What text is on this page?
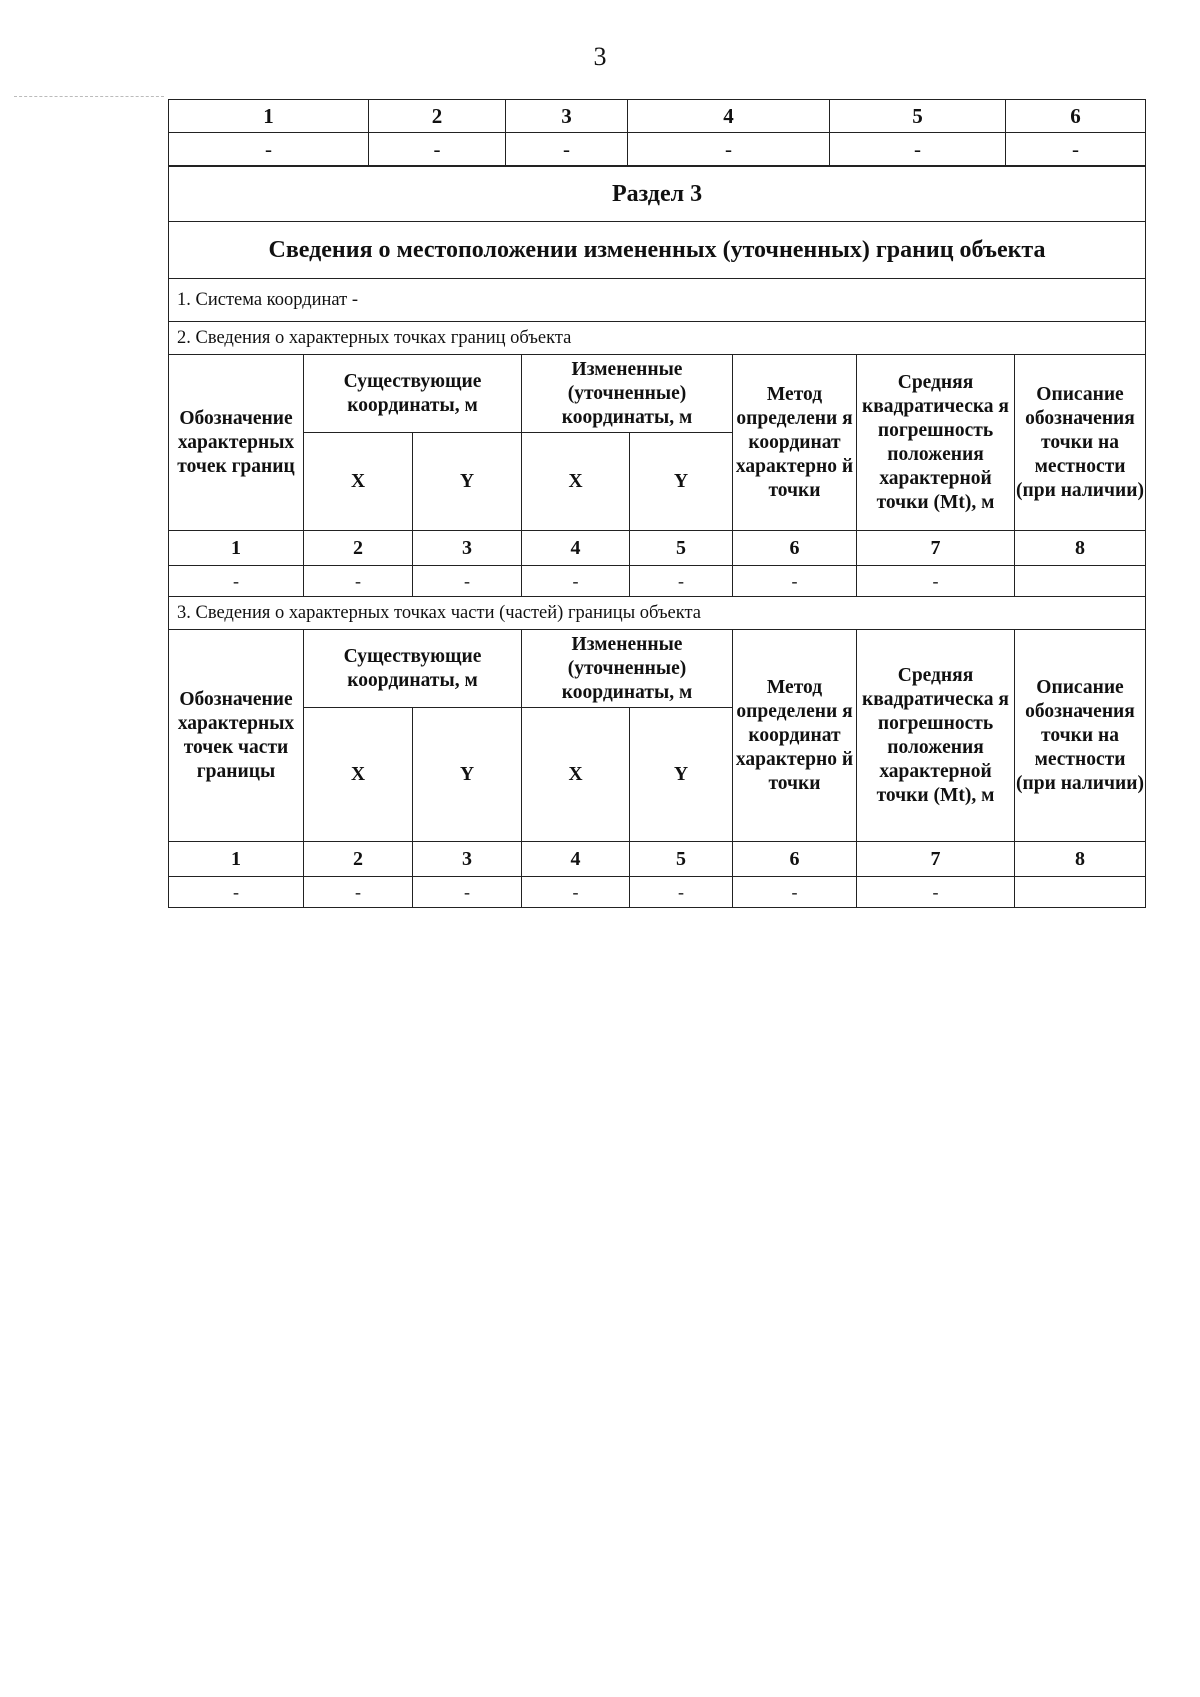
3
1	2	3	4	5	6
-	-	-	-	-	-
Раздел 3							
Сведения о местоположении измененных (уточненных) границ объекта							
1. Система координат -							
2. Сведения о характерных точках границ объекта							
Обозначение характерных точек границ	Существующие координаты, м		Измененные (уточненные) координаты, м		Метод определени я координат характерно й точки	Средняя квадратическа я погрешность положения характерной точки (Mt), м	Описание обозначения точки на местности (при наличии)
	X	Y	X	Y			
1	2	3	4	5	6	7	8
-	-	-	-	-	-	-	
3. Сведения о характерных точках части (частей) границы объекта							
Обозначение характерных точек части границы	Существующие координаты, м		Измененные (уточненные) координаты, м		Метод определени я координат характерно й точки	Средняя квадратическа я погрешность положения характерной точки (Mt), м	Описание обозначения точки на местности (при наличии)
	X	Y	X	Y			
1	2	3	4	5	6	7	8
-	-	-	-	-	-	-	
